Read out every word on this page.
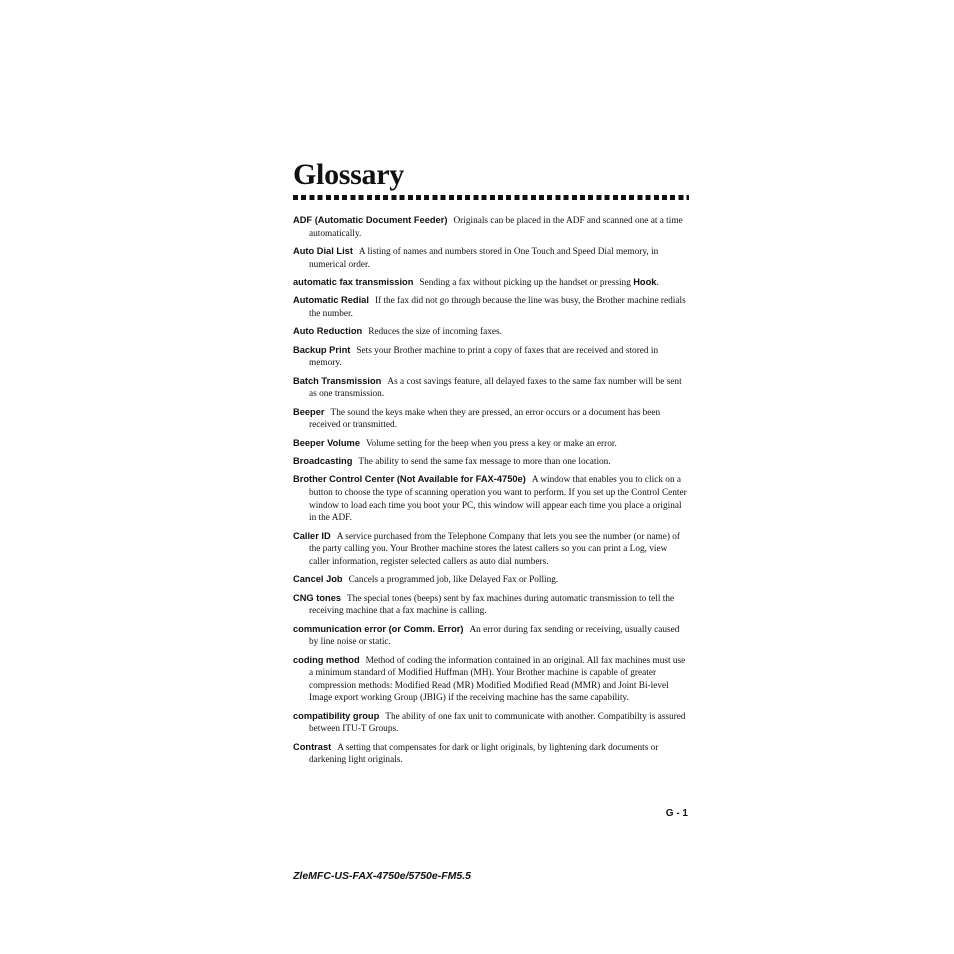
Glossary

ADF (Automatic Document Feeder) Originals can be placed in the ADF and scanned one at a time automatically.

Auto Dial List A listing of names and numbers stored in One Touch and Speed Dial memory, in numerical order.

automatic fax transmission Sending a fax without picking up the handset or pressing Hook.

Automatic Redial If the fax did not go through because the line was busy, the Brother machine redials the number.

Auto Reduction Reduces the size of incoming faxes.

Backup Print Sets your Brother machine to print a copy of faxes that are received and stored in memory.

Batch Transmission As a cost savings feature, all delayed faxes to the same fax number will be sent as one transmission.

Beeper The sound the keys make when they are pressed, an error occurs or a document has been received or transmitted.

Beeper Volume Volume setting for the beep when you press a key or make an error.

Broadcasting The ability to send the same fax message to more than one location.

Brother Control Center (Not Available for FAX-4750e) A window that enables you to click on a button to choose the type of scanning operation you want to perform. If you set up the Control Center window to load each time you boot your PC, this window will appear each time you place a original in the ADF.

Caller ID A service purchased from the Telephone Company that lets you see the number (or name) of the party calling you. Your Brother machine stores the latest callers so you can print a Log, view caller information, register selected callers as auto dial numbers.

Cancel Job Cancels a programmed job, like Delayed Fax or Polling.

CNG tones The special tones (beeps) sent by fax machines during automatic transmission to tell the receiving machine that a fax machine is calling.

communication error (or Comm. Error) An error during fax sending or receiving, usually caused by line noise or static.

coding method Method of coding the information contained in an original. All fax machines must use a minimum standard of Modified Huffman (MH). Your Brother machine is capable of greater compression methods: Modified Read (MR) Modified Modified Read (MMR) and Joint Bi-level Image export working Group (JBIG) if the receiving machine has the same capability.

compatibility group The ability of one fax unit to communicate with another. Compatibilty is assured between ITU-T Groups.

Contrast A setting that compensates for dark or light originals, by lightening dark documents or darkening light originals.

G - 1
ZleMFC-US-FAX-4750e/5750e-FM5.5
